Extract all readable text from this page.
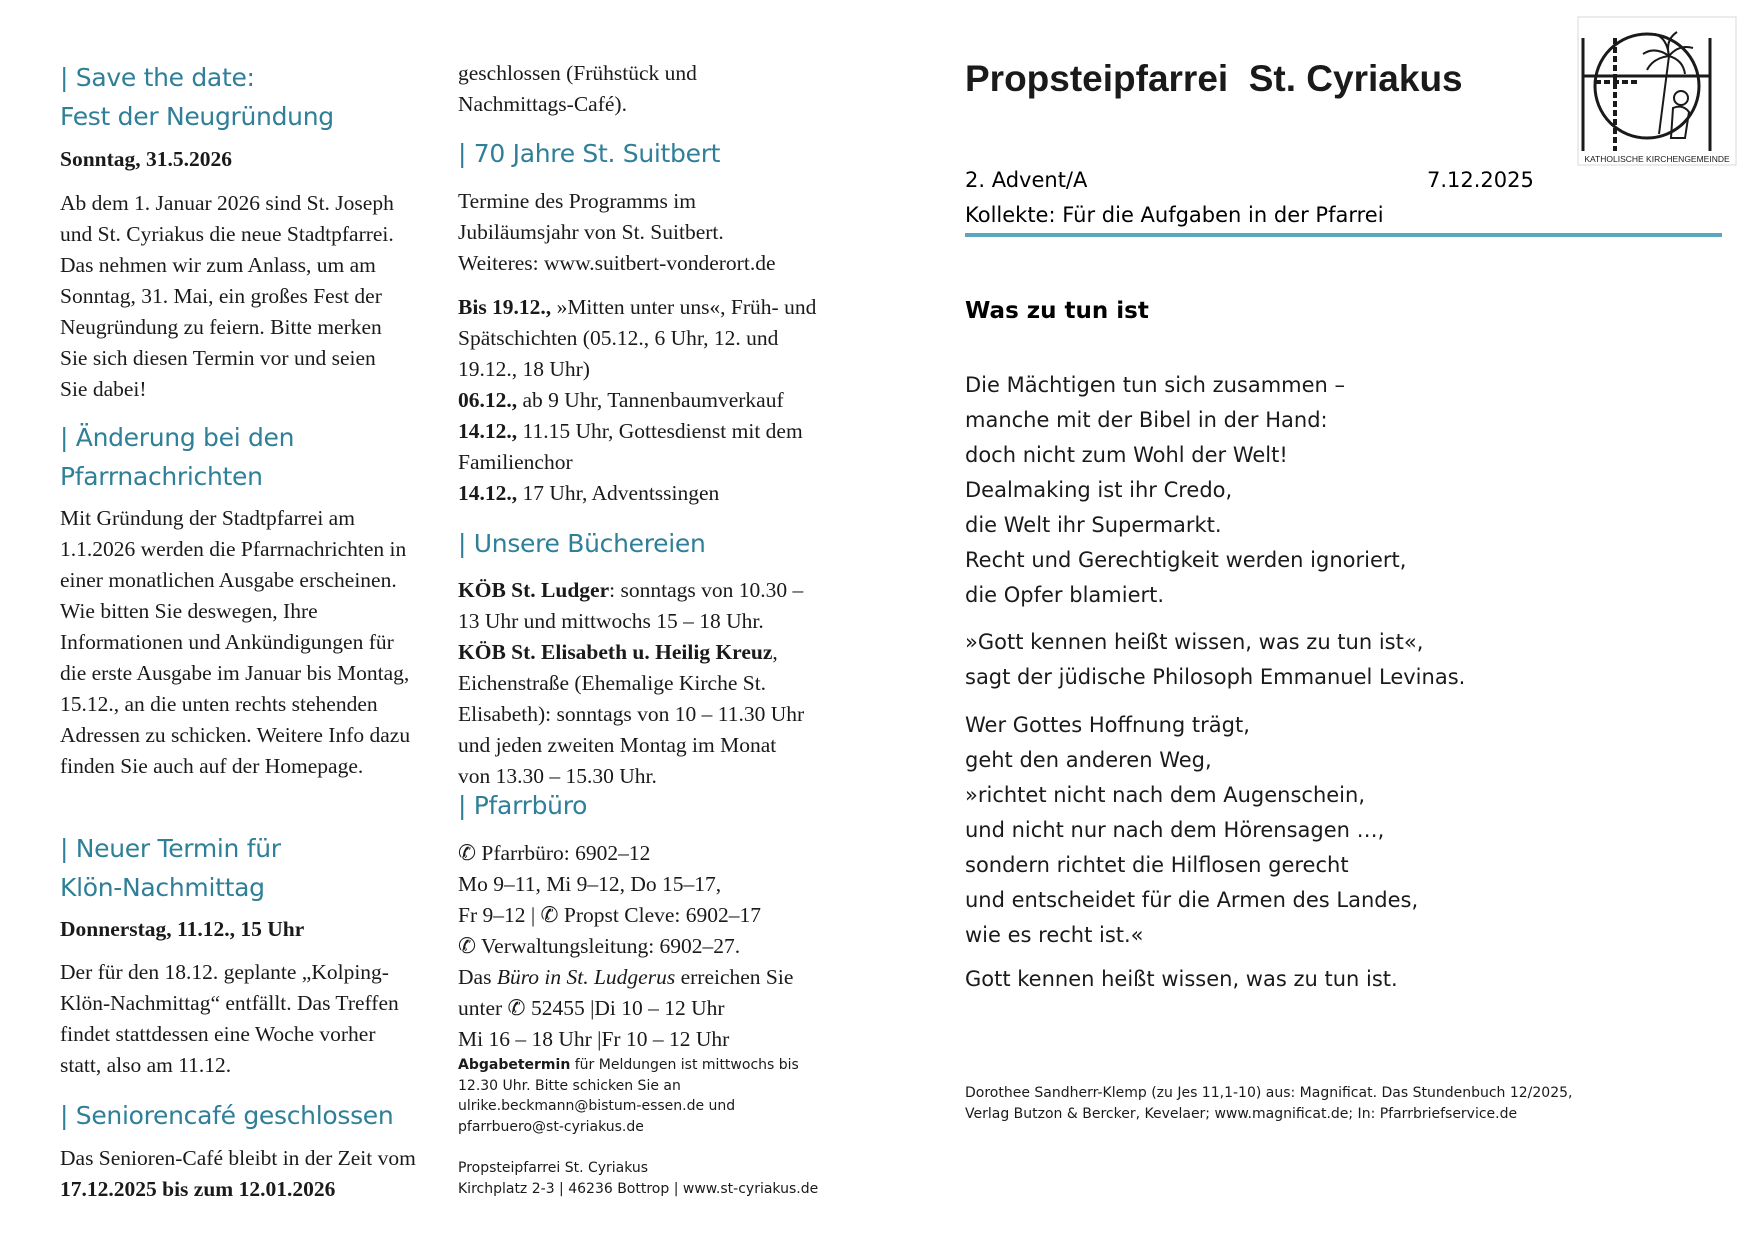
| Save the date:

Fest der Neugründung

Sonntag, 31.5.2026

Ab dem 1. Januar 2026 sind St. Joseph und St. Cyriakus die neue Stadtpfarrei. Das nehmen wir zum Anlass, um am Sonntag, 31. Mai, ein großes Fest der Neugründung zu feiern. Bitte merken Sie sich diesen Termin vor und seien Sie dabei!

| Änderung bei den

Pfarrnachrichten

Mit Gründung der Stadtpfarrei am 1.1.2026 werden die Pfarrnachrichten in einer monatlichen Ausgabe erscheinen. Wie bitten Sie deswegen, Ihre Informationen und Ankündigungen für die erste Ausgabe im Januar bis Montag, 15.12., an die unten rechts stehenden Adressen zu schicken. Weitere Info dazu finden Sie auch auf der Homepage.

| Neuer Termin für

Klön-Nachmittag

Donnerstag, 11.12., 15 Uhr

Der für den 18.12. geplante „Kolping-Klön-Nachmittag“ entfällt. Das Treffen findet stattdessen eine Woche vorher statt, also am 11.12.

| Seniorencafé geschlossen

Das Senioren-Café bleibt in der Zeit vom 17.12.2025 bis zum 12.01.2026

geschlossen (Frühstück und Nachmittags-Café).

| 70 Jahre St. Suitbert

Termine des Programms im Jubiläumsjahr von St. Suitbert. Weiteres: www.suitbert-vonderort.de

Bis 19.12., »Mitten unter uns«, Früh- und Spätschichten (05.12., 6 Uhr, 12. und 19.12., 18 Uhr)
06.12., ab 9 Uhr, Tannenbaumverkauf
14.12., 11.15 Uhr, Gottesdienst mit dem Familienchor
14.12., 17 Uhr, Adventssingen

| Unsere Büchereien

KÖB St. Ludger: sonntags von 10.30 – 13 Uhr und mittwochs 15 – 18 Uhr. KÖB St. Elisabeth u. Heilig Kreuz, Eichenstraße (Ehemalige Kirche St. Elisabeth): sonntags von 10 – 11.30 Uhr und jeden zweiten Montag im Monat von 13.30 – 15.30 Uhr.

| Pfarrbüro

✆ Pfarrbüro: 6902–12
Mo 9–11, Mi 9–12, Do 15–17,
Fr 9–12 | ✆ Propst Cleve: 6902–17
✆ Verwaltungsleitung: 6902–27.
Das Büro in St. Ludgerus erreichen Sie
unter ✆ 52455 |Di 10 – 12 Uhr
Mi 16 – 18 Uhr |Fr 10 – 12 Uhr
Abgabetermin für Meldungen ist mittwochs bis
12.30 Uhr. Bitte schicken Sie an
ulrike.beckmann@bistum-essen.de und
pfarrbuero@st-cyriakus.de
Propsteipfarrei St. Cyriakus
Kirchplatz 2-3 | 46236 Bottrop | www.st-cyriakus.de

Propsteipfarrei  St. Cyriakus

2. Advent/A	7.12.2025

Kollekte: Für die Aufgaben in der Pfarrei

Was zu tun ist

Die Mächtigen tun sich zusammen –
manche mit der Bibel in der Hand:
doch nicht zum Wohl der Welt!
Dealmaking ist ihr Credo,
die Welt ihr Supermarkt.
Recht und Gerechtigkeit werden ignoriert,
die Opfer blamiert.
»Gott kennen heißt wissen, was zu tun ist«,
sagt der jüdische Philosoph Emmanuel Levinas.
Wer Gottes Hoffnung trägt,
geht den anderen Weg,
»richtet nicht nach dem Augenschein,
und nicht nur nach dem Hörensagen …,
sondern richtet die Hilflosen gerecht
und entscheidet für die Armen des Landes,
wie es recht ist.«

Gott kennen heißt wissen, was zu tun ist.

Dorothee Sandherr-Klemp (zu Jes 11,1-10) aus: Magnificat. Das Stundenbuch 12/2025,
Verlag Butzon & Bercker, Kevelaer; www.magnificat.de; In: Pfarrbriefservice.de
KATHOLISCHE KIRCHENGEMEINDE
